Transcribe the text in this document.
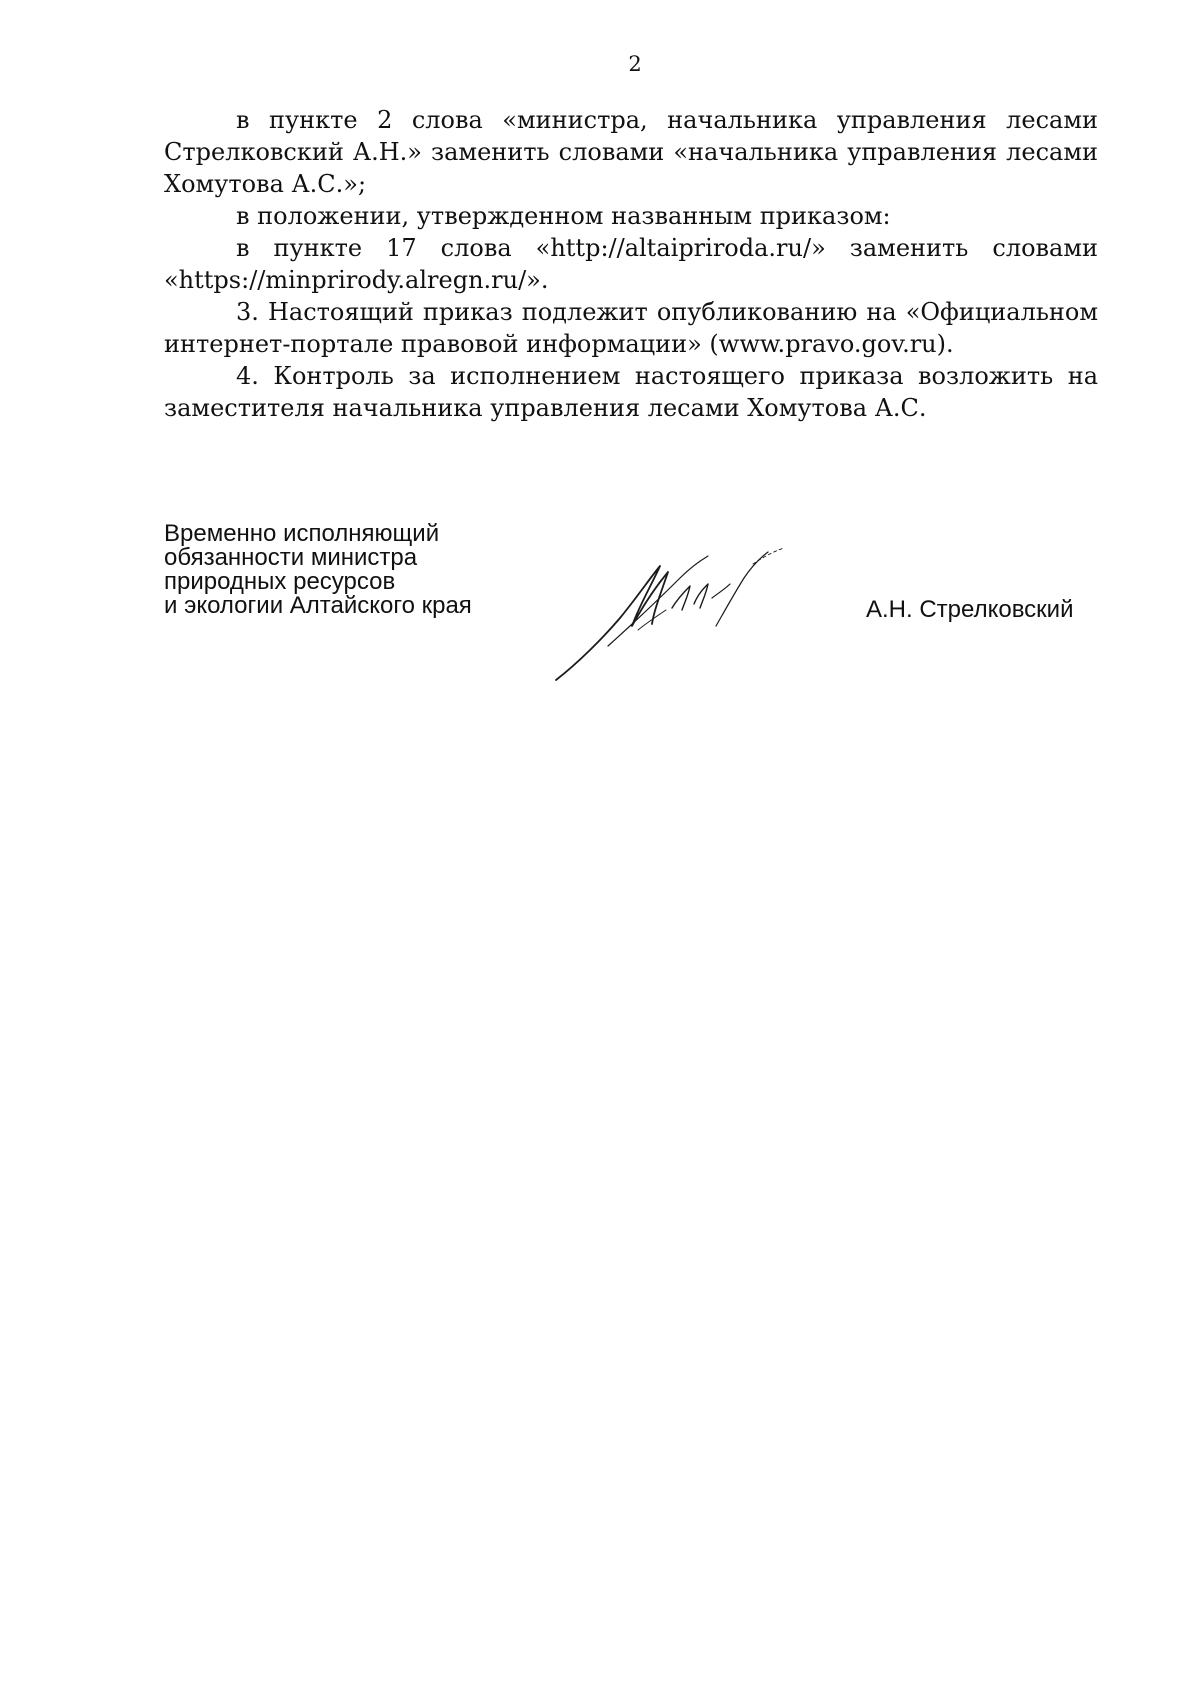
2

в пункте 2 слова «министра, начальника управления лесами Стрелковский А.Н.» заменить словами «начальника управления лесами Хомутова А.С.»;

в положении, утвержденном названным приказом:

в пункте 17 слова «http://altaipriroda.ru/» заменить словами «https://minprirody.alregn.ru/».

3. Настоящий приказ подлежит опубликованию на «Официальном интернет-портале правовой информации» (www.pravo.gov.ru).

4. Контроль за исполнением настоящего приказа возложить на заместителя начальника управления лесами Хомутова А.С.

Временно исполняющий
обязанности министра
природных ресурсов
и экологии Алтайского края	А.Н. Стрелковский
